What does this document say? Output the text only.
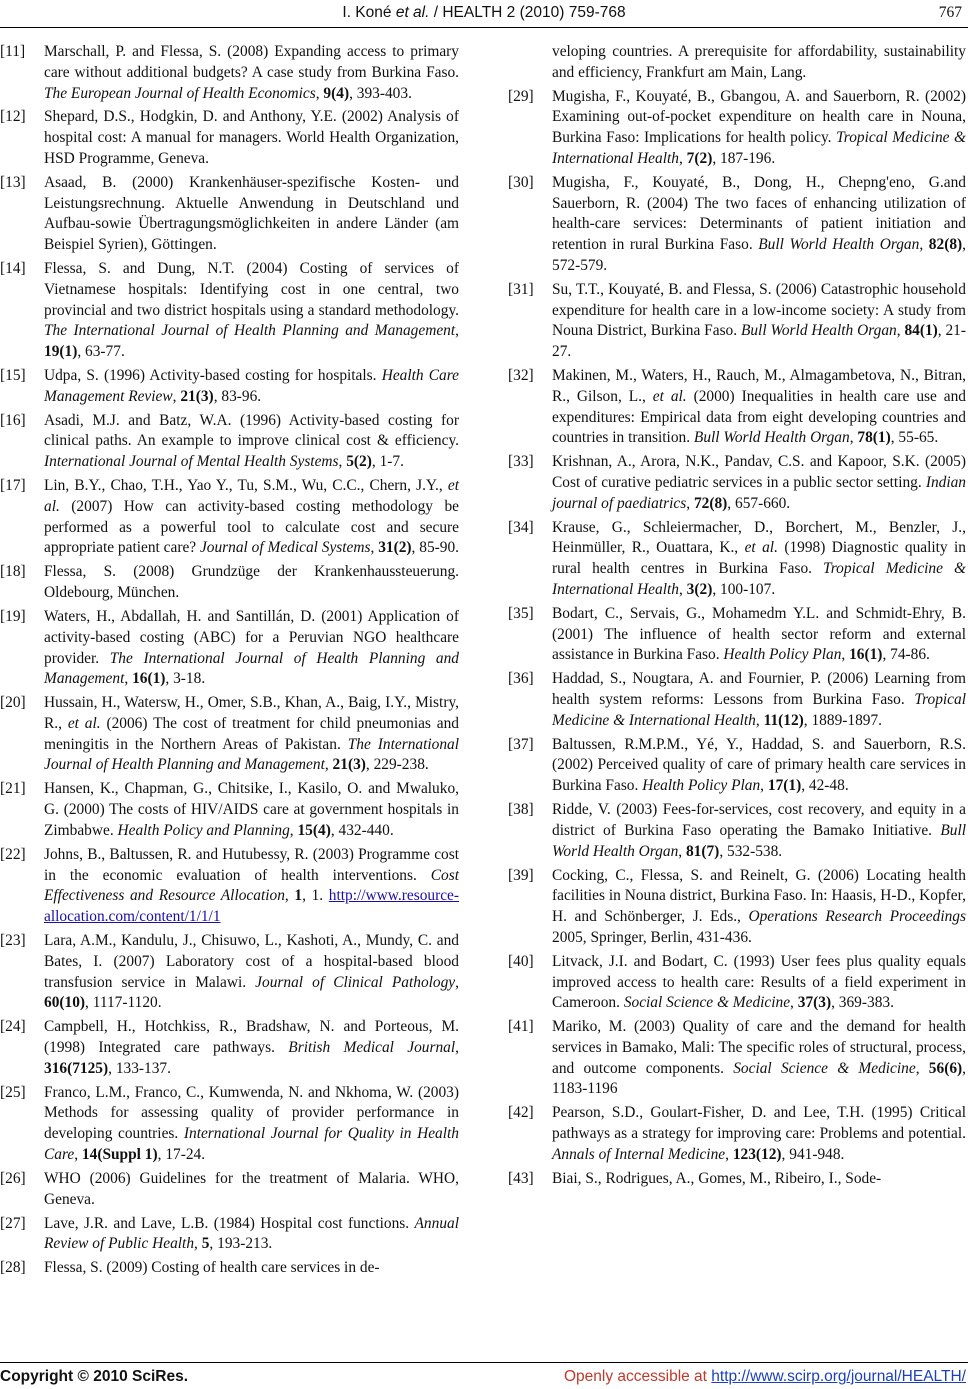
I. Koné et al. / HEALTH 2 (2010) 759-768	767
[11]	Marschall, P. and Flessa, S. (2008) Expanding access to primary care without additional budgets? A case study from Burkina Faso. The European Journal of Health Economics, 9(4), 393-403.
[12]	Shepard, D.S., Hodgkin, D. and Anthony, Y.E. (2002) Analysis of hospital cost: A manual for managers. World Health Organization, HSD Programme, Geneva.
[13]	Asaad, B. (2000) Krankenhäuser-spezifische Kosten- und Leistungsrechnung. Aktuelle Anwendung in Deutschland und Aufbau-sowie Übertragungsmöglichkeiten in andere Länder (am Beispiel Syrien), Göttingen.
[14]	Flessa, S. and Dung, N.T. (2004) Costing of services of Vietnamese hospitals: Identifying cost in one central, two provincial and two district hospitals using a standard methodology. The International Journal of Health Planning and Management, 19(1), 63-77.
[15]	Udpa, S. (1996) Activity-based costing for hospitals. Health Care Management Review, 21(3), 83-96.
[16]	Asadi, M.J. and Batz, W.A. (1996) Activity-based costing for clinical paths. An example to improve clinical cost & efficiency. International Journal of Mental Health Systems, 5(2), 1-7.
[17]	Lin, B.Y., Chao, T.H., Yao Y., Tu, S.M., Wu, C.C., Chern, J.Y., et al. (2007) How can activity-based costing methodology be performed as a powerful tool to calculate cost and secure appropriate patient care? Journal of Medical Systems, 31(2), 85-90.
[18]	Flessa, S. (2008) Grundzüge der Krankenhaussteuerung. Oldebourg, München.
[19]	Waters, H., Abdallah, H. and Santillán, D. (2001) Application of activity-based costing (ABC) for a Peruvian NGO healthcare provider. The International Journal of Health Planning and Management, 16(1), 3-18.
[20]	Hussain, H., Watersw, H., Omer, S.B., Khan, A., Baig, I.Y., Mistry, R., et al. (2006) The cost of treatment for child pneumonias and meningitis in the Northern Areas of Pakistan. The International Journal of Health Planning and Management, 21(3), 229-238.
[21]	Hansen, K., Chapman, G., Chitsike, I., Kasilo, O. and Mwaluko, G. (2000) The costs of HIV/AIDS care at government hospitals in Zimbabwe. Health Policy and Planning, 15(4), 432-440.
[22]	Johns, B., Baltussen, R. and Hutubessy, R. (2003) Programme cost in the economic evaluation of health interventions. Cost Effectiveness and Resource Allocation, 1, 1. http://www.resource-allocation.com/content/1/1/1
[23]	Lara, A.M., Kandulu, J., Chisuwo, L., Kashoti, A., Mundy, C. and Bates, I. (2007) Laboratory cost of a hospital-based blood transfusion service in Malawi. Journal of Clinical Pathology, 60(10), 1117-1120.
[24]	Campbell, H., Hotchkiss, R., Bradshaw, N. and Porteous, M. (1998) Integrated care pathways. British Medical Journal, 316(7125), 133-137.
[25]	Franco, L.M., Franco, C., Kumwenda, N. and Nkhoma, W. (2003) Methods for assessing quality of provider performance in developing countries. International Journal for Quality in Health Care, 14(Suppl 1), 17-24.
[26]	WHO (2006) Guidelines for the treatment of Malaria. WHO, Geneva.
[27]	Lave, J.R. and Lave, L.B. (1984) Hospital cost functions. Annual Review of Public Health, 5, 193-213.
[28]	Flessa, S. (2009) Costing of health care services in de-
veloping countries. A prerequisite for affordability, sustainability and efficiency, Frankfurt am Main, Lang.
[29]	Mugisha, F., Kouyaté, B., Gbangou, A. and Sauerborn, R. (2002) Examining out-of-pocket expenditure on health care in Nouna, Burkina Faso: Implications for health policy. Tropical Medicine & International Health, 7(2), 187-196.
[30]	Mugisha, F., Kouyaté, B., Dong, H., Chepng'eno, G.and Sauerborn, R. (2004) The two faces of enhancing utilization of health-care services: Determinants of patient initiation and retention in rural Burkina Faso. Bull World Health Organ, 82(8), 572-579.
[31]	Su, T.T., Kouyaté, B. and Flessa, S. (2006) Catastrophic household expenditure for health care in a low-income society: A study from Nouna District, Burkina Faso. Bull World Health Organ, 84(1), 21-27.
[32]	Makinen, M., Waters, H., Rauch, M., Almagambetova, N., Bitran, R., Gilson, L., et al. (2000) Inequalities in health care use and expenditures: Empirical data from eight developing countries and countries in transition. Bull World Health Organ, 78(1), 55-65.
[33]	Krishnan, A., Arora, N.K., Pandav, C.S. and Kapoor, S.K. (2005) Cost of curative pediatric services in a public sector setting. Indian journal of paediatrics, 72(8), 657-660.
[34]	Krause, G., Schleiermacher, D., Borchert, M., Benzler, J., Heinmüller, R., Ouattara, K., et al. (1998) Diagnostic quality in rural health centres in Burkina Faso. Tropical Medicine & International Health, 3(2), 100-107.
[35]	Bodart, C., Servais, G., Mohamedm Y.L. and Schmidt-Ehry, B. (2001) The influence of health sector reform and external assistance in Burkina Faso. Health Policy Plan, 16(1), 74-86.
[36]	Haddad, S., Nougtara, A. and Fournier, P. (2006) Learning from health system reforms: Lessons from Burkina Faso. Tropical Medicine & International Health, 11(12), 1889-1897.
[37]	Baltussen, R.M.P.M., Yé, Y., Haddad, S. and Sauerborn, R.S. (2002) Perceived quality of care of primary health care services in Burkina Faso. Health Policy Plan, 17(1), 42-48.
[38]	Ridde, V. (2003) Fees-for-services, cost recovery, and equity in a district of Burkina Faso operating the Bamako Initiative. Bull World Health Organ, 81(7), 532-538.
[39]	Cocking, C., Flessa, S. and Reinelt, G. (2006) Locating health facilities in Nouna district, Burkina Faso. In: Haasis, H-D., Kopfer, H. and Schönberger, J. Eds., Operations Research Proceedings 2005, Springer, Berlin, 431-436.
[40]	Litvack, J.I. and Bodart, C. (1993) User fees plus quality equals improved access to health care: Results of a field experiment in Cameroon. Social Science & Medicine, 37(3), 369-383.
[41]	Mariko, M. (2003) Quality of care and the demand for health services in Bamako, Mali: The specific roles of structural, process, and outcome components. Social Science & Medicine, 56(6), 1183-1196
[42]	Pearson, S.D., Goulart-Fisher, D. and Lee, T.H. (1995) Critical pathways as a strategy for improving care: Problems and potential. Annals of Internal Medicine, 123(12), 941-948.
[43]	Biai, S., Rodrigues, A., Gomes, M., Ribeiro, I., Sode-
Copyright © 2010 SciRes.	Openly accessible at http://www.scirp.org/journal/HEALTH/
